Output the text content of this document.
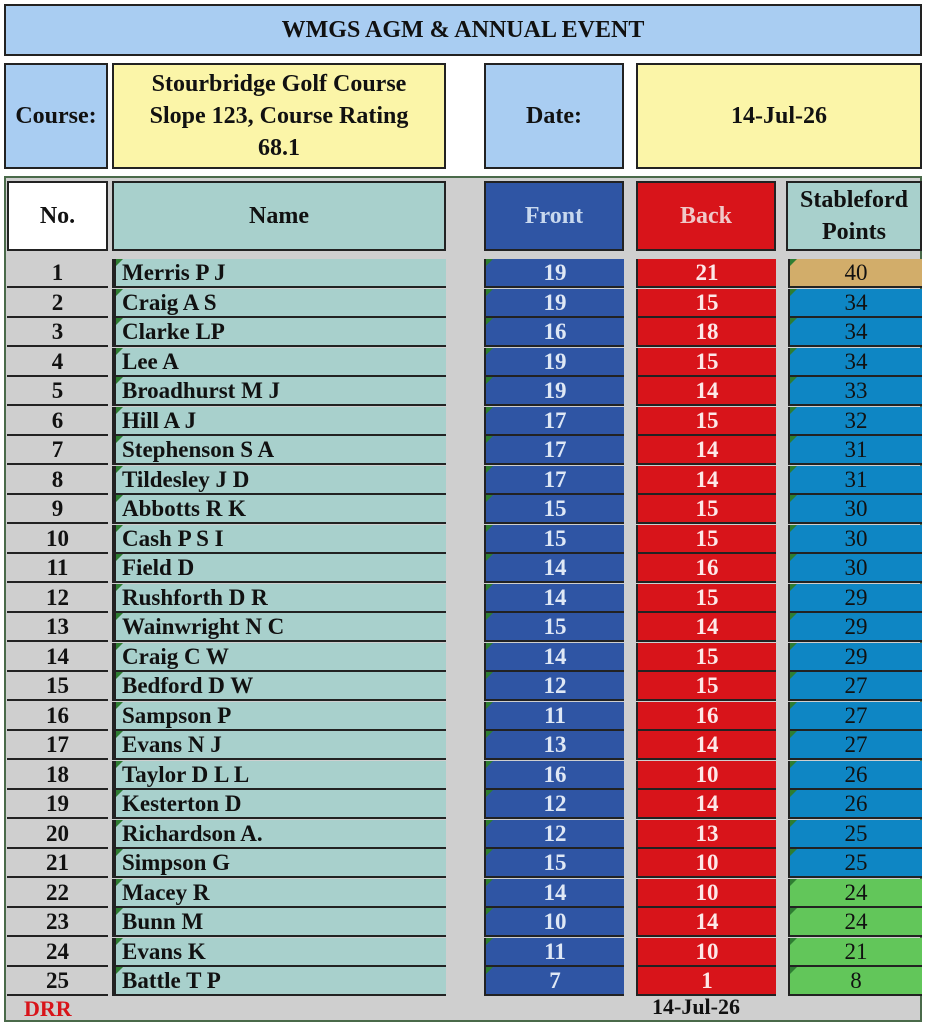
WMGS AGM & ANNUAL EVENT
Course:
Stourbridge Golf Course
Slope 123, Course Rating
68.1
Date:	14-Jul-26
No.	Name	Front	Back
Stableford
Points
1	Merris P J	19	21	40
2	Craig A S	19	15	34
3	Clarke LP	16	18	34
4	Lee A	19	15	34
5	Broadhurst M J	19	14	33
6	Hill A J	17	15	32
7	Stephenson S A	17	14	31
8	Tildesley J D	17	14	31
9	Abbotts R K	15	15	30
10	Cash P S I	15	15	30
11	Field D	14	16	30
12	Rushforth D R	14	15	29
13	Wainwright N C	15	14	29
14	Craig C W	14	15	29
15	Bedford D W	12	15	27
16	Sampson P	11	16	27
17	Evans N J	13	14	27
18	Taylor D L L	16	10	26
19	Kesterton D	12	14	26
20	Richardson A.	12	13	25
21	Simpson G	15	10	25
22	Macey R	14	10	24
23	Bunn M	10	14	24
24	Evans K	11	10	21
25	Battle T P	7	1	8
DRR	14-Jul-26
